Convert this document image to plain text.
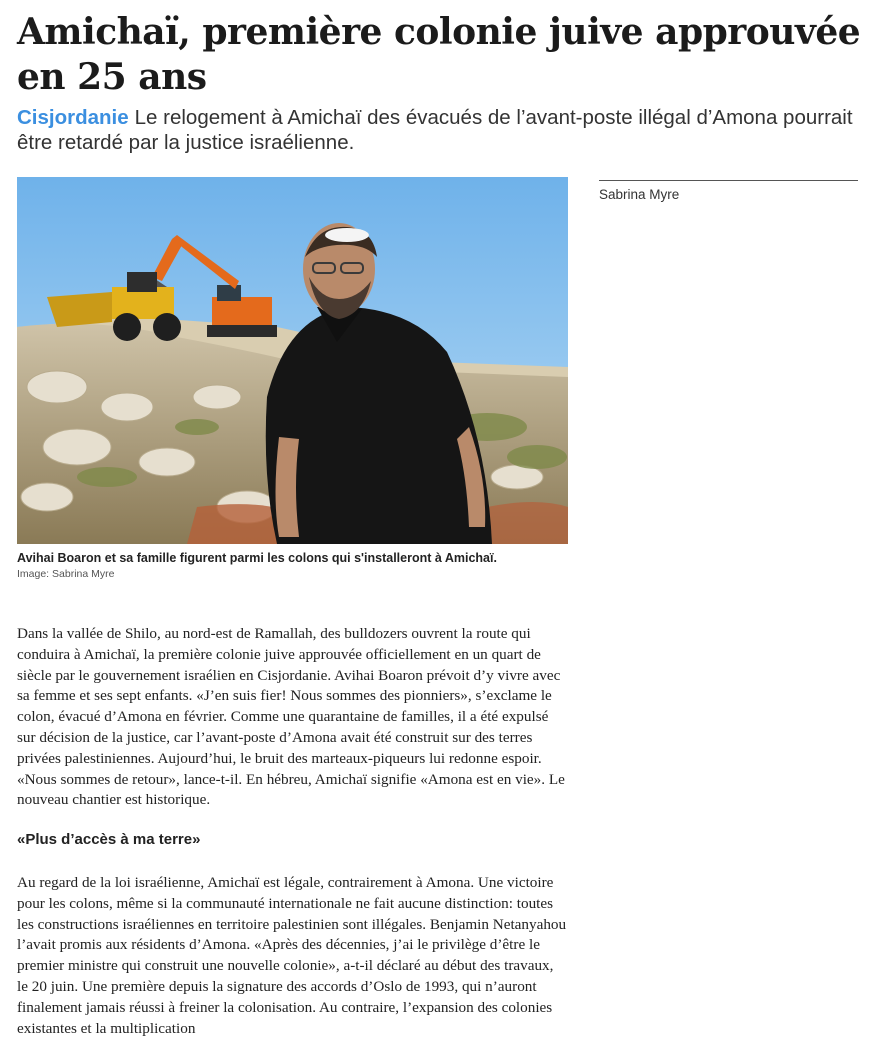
Amichaï, première colonie juive approuvée en 25 ans

Cisjordanie Le relogement à Amichaï des évacués de l’avant-poste illégal d’Amona pourrait être retardé par la justice israélienne.

Avihai Boaron et sa famille figurent parmi les colons qui s'installeront à Amichaï.
Image: Sabrina Myre
Sabrina Myre

Dans la vallée de Shilo, au nord-est de Ramallah, des bulldozers ouvrent la route qui conduira à Amichaï, la première colonie juive approuvée officiellement en un quart de siècle par le gouvernement israélien en Cisjordanie. Avihai Boaron prévoit d’y vivre avec sa femme et ses sept enfants. «J’en suis fier! Nous sommes des pionniers», s’exclame le colon, évacué d’Amona en février. Comme une quarantaine de familles, il a été expulsé sur décision de la justice, car l’avant-poste d’Amona avait été construit sur des terres privées palestiniennes. Aujourd’hui, le bruit des marteaux-piqueurs lui redonne espoir. «Nous sommes de retour», lance-t-il. En hébreu, Amichaï signifie «Amona est en vie». Le nouveau chantier est historique.

«Plus d’accès à ma terre»

Au regard de la loi israélienne, Amichaï est légale, contrairement à Amona. Une victoire pour les colons, même si la communauté internationale ne fait aucune distinction: toutes les constructions israéliennes en territoire palestinien sont illégales. Benjamin Netanyahou l’avait promis aux résidents d’Amona. «Après des décennies, j’ai le privilège d’être le premier ministre qui construit une nouvelle colonie», a-t-il déclaré au début des travaux, le 20 juin. Une première depuis la signature des accords d’Oslo de 1993, qui n’auront finalement jamais réussi à freiner la colonisation. Au contraire, l’expansion des colonies existantes et la multiplication
